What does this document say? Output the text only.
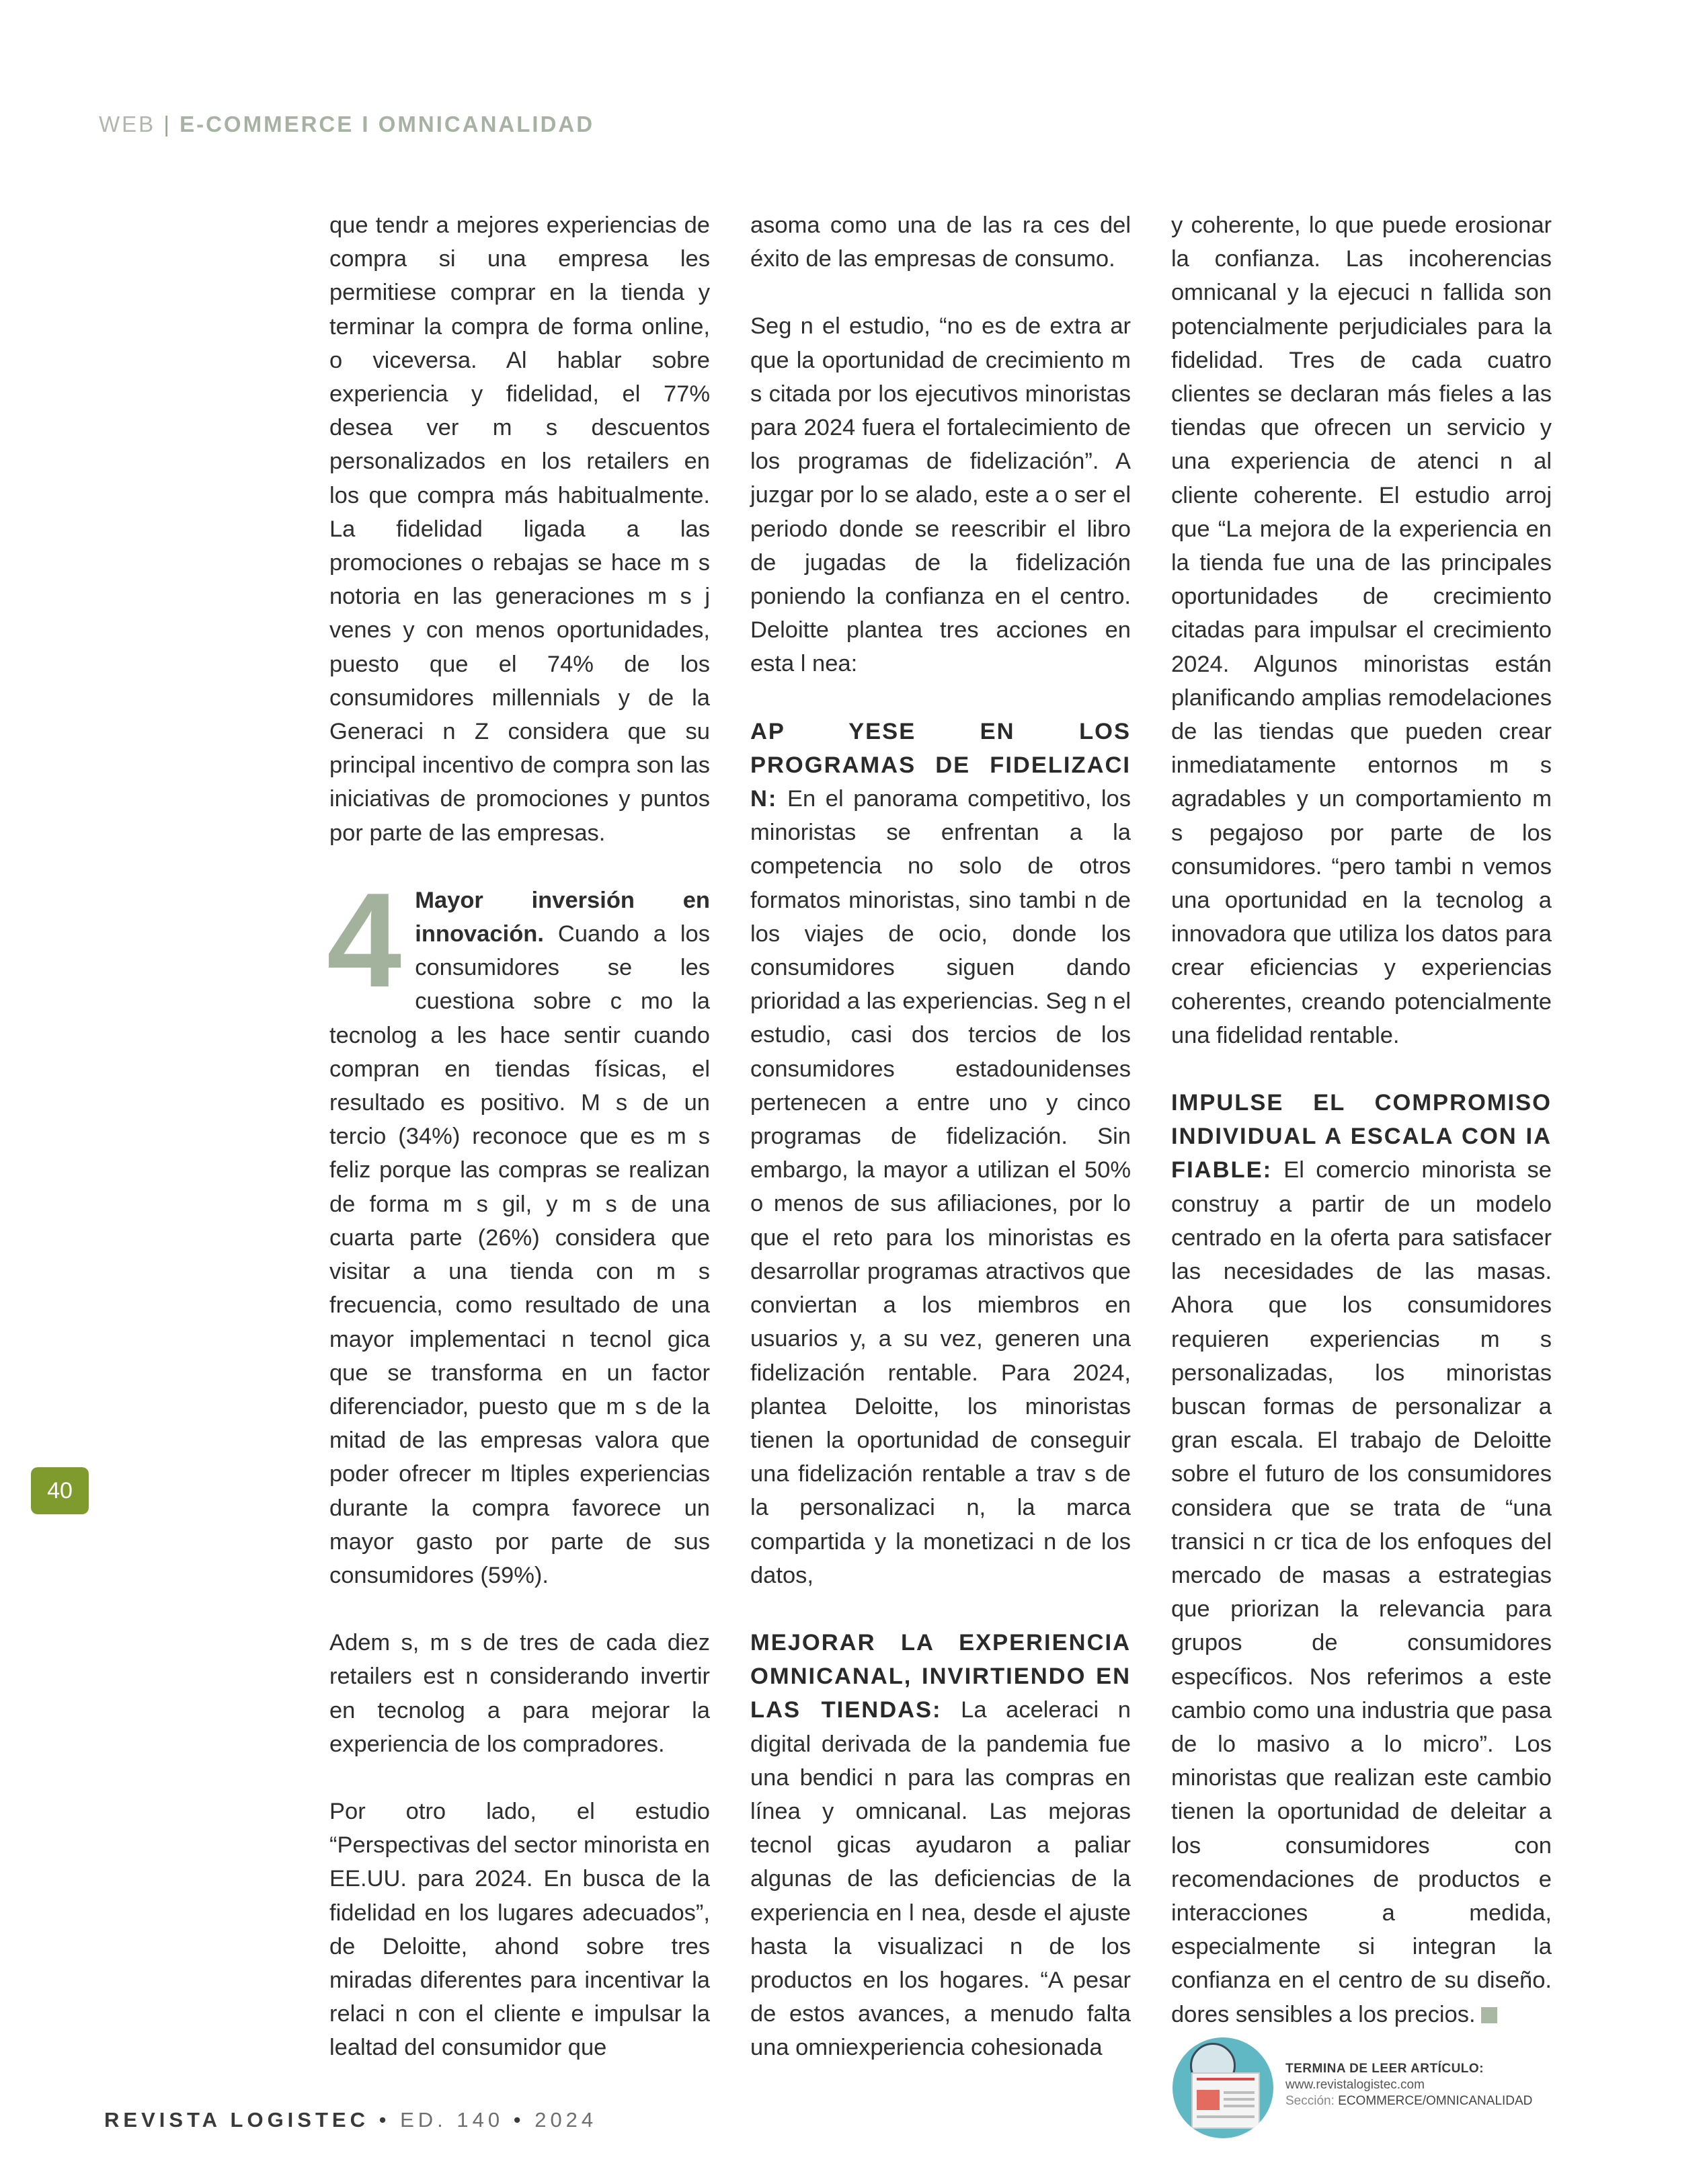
WEB | E-COMMERCE I OMNICANALIDAD

que tendr a mejores experiencias de compra si una empresa les permitiese comprar en la tienda y terminar la compra de forma online, o viceversa. Al hablar sobre experiencia y fidelidad, el 77% desea ver m s descuentos personalizados en los retailers en los que compra más habitualmente. La fidelidad ligada a las promociones o rebajas se hace m s notoria en las generaciones m s j venes y con menos oportunidades, puesto que el 74% de los consumidores millennials y de la Generaci n Z considera que su principal incentivo de compra son las iniciativas de promociones y puntos por parte de las empresas.

4 Mayor inversión en innovación. Cuando a los consumidores se les cuestiona sobre c mo la tecnolog a les hace sentir cuando compran en tiendas físicas, el resultado es positivo. M s de un tercio (34%) reconoce que es m s feliz porque las compras se realizan de forma m s gil, y m s de una cuarta parte (26%) considera que visitar a una tienda con m s frecuencia, como resultado de una mayor implementaci n tecnol gica que se transforma en un factor diferenciador, puesto que m s de la mitad de las empresas valora que poder ofrecer m ltiples experiencias durante la compra favorece un mayor gasto por parte de sus consumidores (59%).

Adem s, m s de tres de cada diez retailers est n considerando invertir en tecnolog a para mejorar la experiencia de los compradores.

Por otro lado, el estudio “Perspectivas del sector minorista en EE.UU. para 2024. En busca de la fidelidad en los lugares adecuados”, de Deloitte, ahond sobre tres miradas diferentes para incentivar la relaci n con el cliente e impulsar la lealtad del consumidor que

asoma como una de las ra ces del éxito de las empresas de consumo.

Seg n el estudio, “no es de extra ar que la oportunidad de crecimiento m s citada por los ejecutivos minoristas para 2024 fuera el fortalecimiento de los programas de fidelización”. A juzgar por lo se alado, este a o ser el periodo donde se reescribir el libro de jugadas de la fidelización poniendo la confianza en el centro. Deloitte plantea tres acciones en esta l nea:

AP YESE EN LOS PROGRAMAS DE FIDELIZACI N: En el panorama competitivo, los minoristas se enfrentan a la competencia no solo de otros formatos minoristas, sino tambi n de los viajes de ocio, donde los consumidores siguen dando prioridad a las experiencias. Seg n el estudio, casi dos tercios de los consumidores estadounidenses pertenecen a entre uno y cinco programas de fidelización. Sin embargo, la mayor a utilizan el 50% o menos de sus afiliaciones, por lo que el reto para los minoristas es desarrollar programas atractivos que conviertan a los miembros en usuarios y, a su vez, generen una fidelización rentable. Para 2024, plantea Deloitte, los minoristas tienen la oportunidad de conseguir una fidelización rentable a trav s de la personalizaci n, la marca compartida y la monetizaci n de los datos,

MEJORAR LA EXPERIENCIA OMNICANAL, INVIRTIENDO EN LAS TIENDAS: La aceleraci n digital derivada de la pandemia fue una bendici n para las compras en línea y omnicanal. Las mejoras tecnol gicas ayudaron a paliar algunas de las deficiencias de la experiencia en l nea, desde el ajuste hasta la visualizaci n de los productos en los hogares. “A pesar de estos avances, a menudo falta una omniexperiencia cohesionada

y coherente, lo que puede erosionar la confianza. Las incoherencias omnicanal y la ejecuci n fallida son potencialmente perjudiciales para la fidelidad. Tres de cada cuatro clientes se declaran más fieles a las tiendas que ofrecen un servicio y una experiencia de atenci n al cliente coherente. El estudio arroj que “La mejora de la experiencia en la tienda fue una de las principales oportunidades de crecimiento citadas para impulsar el crecimiento 2024. Algunos minoristas están planificando amplias remodelaciones de las tiendas que pueden crear inmediatamente entornos m s agradables y un comportamiento m s pegajoso por parte de los consumidores. “pero tambi n vemos una oportunidad en la tecnolog a innovadora que utiliza los datos para crear eficiencias y experiencias coherentes, creando potencialmente una fidelidad rentable.

IMPULSE EL COMPROMISO INDIVIDUAL A ESCALA CON IA FIABLE: El comercio minorista se construy a partir de un modelo centrado en la oferta para satisfacer las necesidades de las masas. Ahora que los consumidores requieren experiencias m s personalizadas, los minoristas buscan formas de personalizar a gran escala. El trabajo de Deloitte sobre el futuro de los consumidores considera que se trata de “una transici n cr tica de los enfoques del mercado de masas a estrategias que priorizan la relevancia para grupos de consumidores específicos. Nos referimos a este cambio como una industria que pasa de lo masivo a lo micro”. Los minoristas que realizan este cambio tienen la oportunidad de deleitar a los consumidores con recomendaciones de productos e interacciones a medida, especialmente si integran la confianza en el centro de su diseño. dores sensibles a los precios.

40
REVISTA LOGISTEC • ED. 140 • 2024
TERMINA DE LEER ARTÍCULO:
www.revistalogistec.com
Sección: ECOMMERCE/OMNICANALIDAD
